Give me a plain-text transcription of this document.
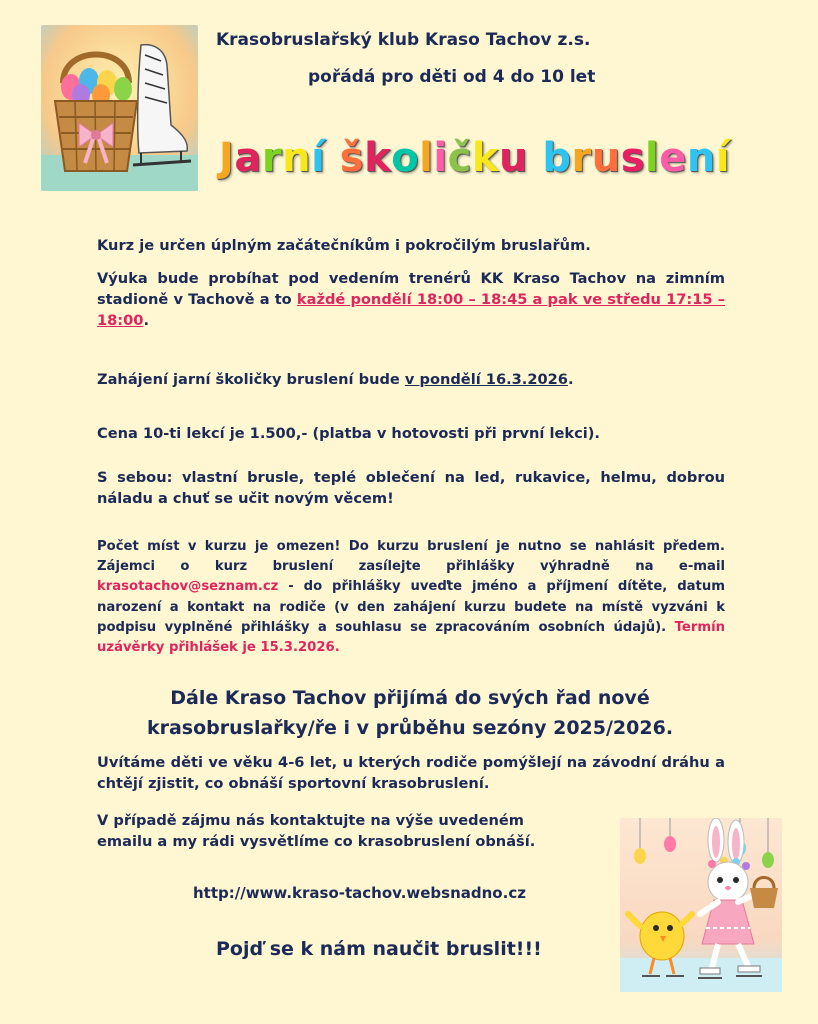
Krasobruslařský klub Kraso Tachov z.s.
pořádá pro děti od 4 do 10 let
Jarní školičku bruslení
Kurz je určen úplným začátečníkům i pokročilým bruslařům.
Výuka bude probíhat pod vedením trenérů KK Kraso Tachov na zimním stadioně v Tachově a to každé pondělí 18:00 – 18:45 a pak ve středu 17:15 – 18:00.
Zahájení jarní školičky bruslení bude v pondělí 16.3.2026.
Cena 10-ti lekcí je 1.500,- (platba v hotovosti při první lekci).
S sebou: vlastní brusle, teplé oblečení na led, rukavice, helmu, dobrou náladu a chuť se učit novým věcem!
Počet míst v kurzu je omezen! Do kurzu bruslení je nutno se nahlásit předem. Zájemci o kurz bruslení zasílejte přihlášky výhradně na e-mail krasotachov@seznam.cz - do přihlášky uveďte jméno a příjmení dítěte, datum narození a kontakt na rodiče (v den zahájení kurzu budete na místě vyzváni k podpisu vyplněné přihlášky a souhlasu se zpracováním osobních údajů). Termín uzávěrky přihlášek je 15.3.2026.
Dále Kraso Tachov přijímá do svých řad nové
krasobruslařky/ře i v průběhu sezóny 2025/2026.
Uvítáme děti ve věku 4-6 let, u kterých rodiče pomýšlejí na závodní dráhu a chtějí zjistit, co obnáší sportovní krasobruslení.
V případě zájmu nás kontaktujte na výše uvedeném
emailu a my rádi vysvětlíme co krasobruslení obnáší.
http://www.kraso-tachov.websnadno.cz
Pojď se k nám naučit bruslit!!!
